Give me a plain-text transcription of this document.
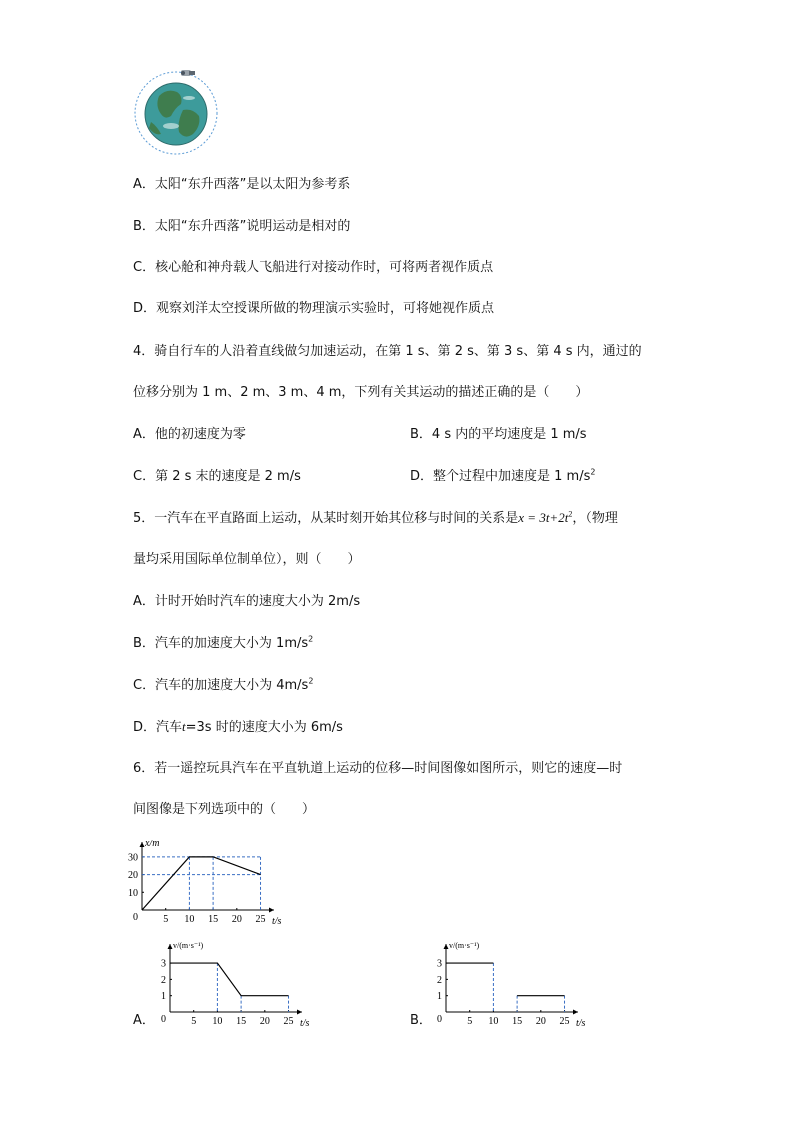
A．太阳“东升西落”是以太阳为参考系
B．太阳“东升西落”说明运动是相对的
C．核心舱和神舟载人飞船进行对接动作时，可将两者视作质点
D．观察刘洋太空授课所做的物理演示实验时，可将她视作质点
4．骑自行车的人沿着直线做匀加速运动，在第 1 s、第 2 s、第 3 s、第 4 s 内，通过的
位移分别为 1 m、2 m、3 m、4 m，下列有关其运动的描述正确的是（　　）
A．他的初速度为零	B．4 s 内的平均速度是 1 m/s
C．第 2 s 末的速度是 2 m/s	D．整个过程中加速度是 1 $m/s^2$
5．一汽车在平直路面上运动，从某时刻开始其位移与时间的关系是$x = 3t+2t^2$，（物理
量均采用国际单位制单位），则（　　）
A．计时开始时汽车的速度大小为 2m/s
B．汽车的加速度大小为 $1m/s^2$
C．汽车的加速度大小为 $4m/s^2$
D．汽车t=3s 时的速度大小为 6m/s
6．若一遥控玩具汽车在平直轨道上运动的位移—时间图像如图所示，则它的速度—时
间图像是下列选项中的（　　）
t/s
x/m
0	5 10 15 20 25
10
20
30
t/s
v/(m·s⁻¹)
0	5 10 15 20 25
1
2
3
t/s
v/(m·s⁻¹)
0	5 10 15 20 25
1
2
3
A．	B．
